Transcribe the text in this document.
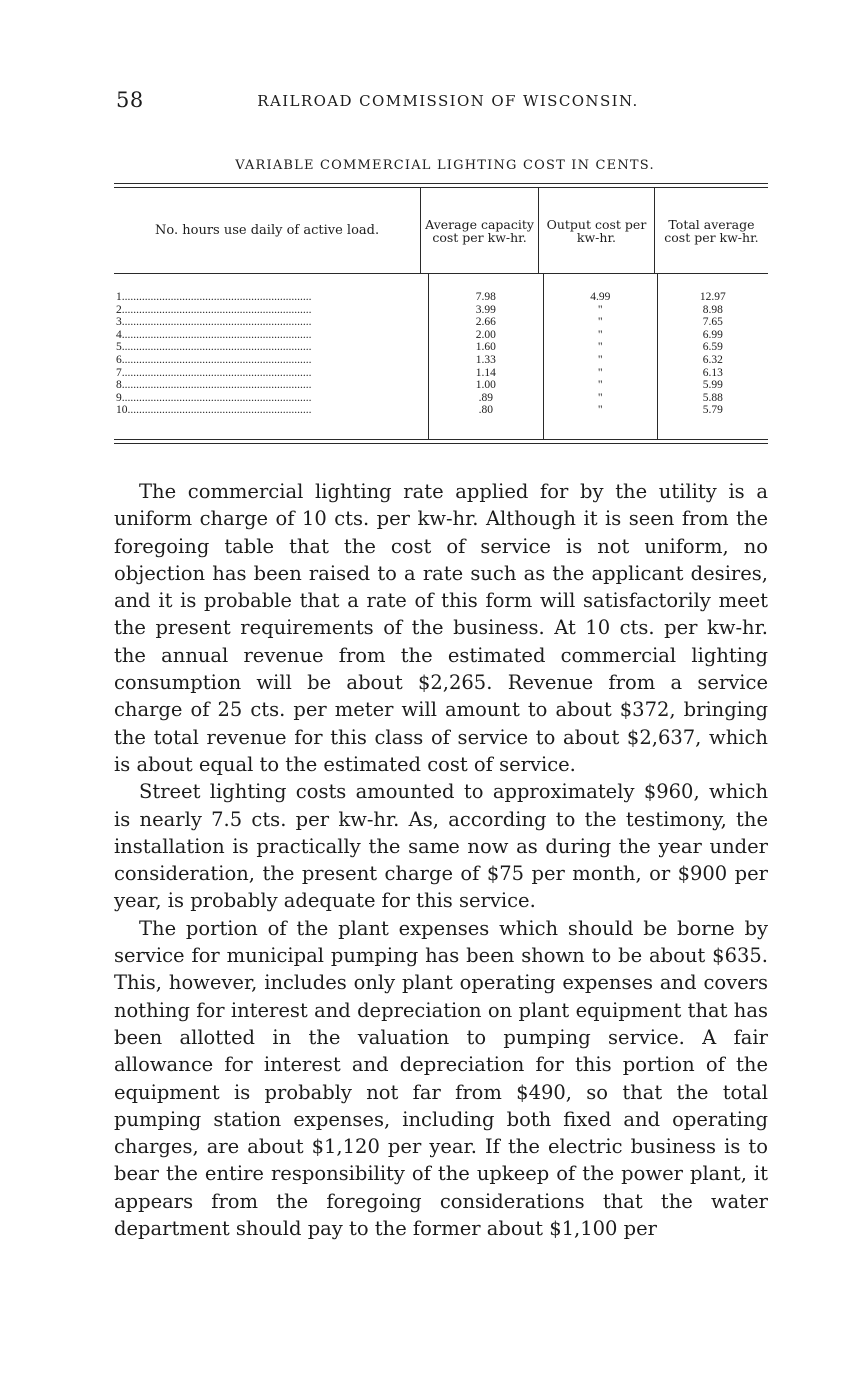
58	RAILROAD COMMISSION OF WISCONSIN.
VARIABLE COMMERCIAL LIGHTING COST IN CENTS.
No. hours use daily of active load.	Average capacity cost per kw-hr.
Output cost per kw-hr.
Total average cost per kw-hr.
1..................................................................
2..................................................................
3..................................................................
4..................................................................
5..................................................................
6..................................................................
7..................................................................
8..................................................................
9..................................................................
10................................................................
7.98
3.99
2.66
2.00
1.60
1.33
1.14
1.00
.89
.80
4.99
"
"
"
"
"
"
"
"
"
12.97
8.98
7.65
6.99
6.59
6.32
6.13
5.99
5.88
5.79

The commercial lighting rate applied for by the utility is a uniform charge of 10 cts. per kw-hr. Although it is seen from the foregoing table that the cost of service is not uniform, no objection has been raised to a rate such as the applicant desires, and it is probable that a rate of this form will satisfactorily meet the present requirements of the business. At 10 cts. per kw-hr. the annual revenue from the estimated commercial lighting consumption will be about $2,265. Revenue from a service charge of 25 cts. per meter will amount to about $372, bringing the total revenue for this class of service to about $2,637, which is about equal to the estimated cost of service.

Street lighting costs amounted to approximately $960, which is nearly 7.5 cts. per kw-hr. As, according to the testimony, the installation is practically the same now as during the year under consideration, the present charge of $75 per month, or $900 per year, is probably adequate for this service.

The portion of the plant expenses which should be borne by service for municipal pumping has been shown to be about $635. This, however, includes only plant operating expenses and covers nothing for interest and depreciation on plant equipment that has been allotted in the valuation to pumping service. A fair allowance for interest and depreciation for this portion of the equipment is probably not far from $490, so that the total pumping station expenses, including both fixed and operating charges, are about $1,120 per year. If the electric business is to bear the entire responsibility of the upkeep of the power plant, it appears from the foregoing considerations that the water department should pay to the former about $1,100 per
